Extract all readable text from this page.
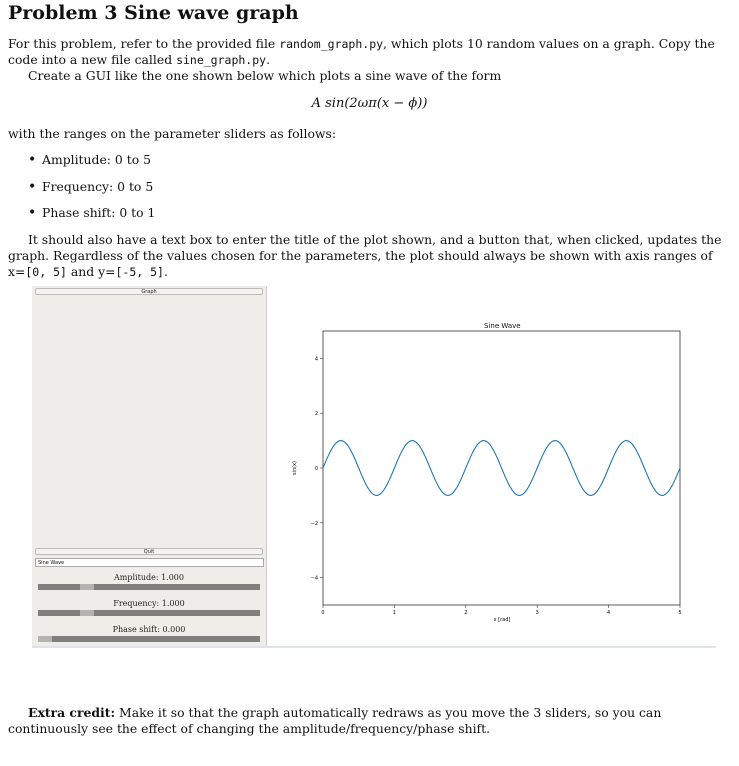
Problem 3 Sine wave graph

For this problem, refer to the provided file random_graph.py, which plots 10 random values on a graph. Copy the code into a new file called sine_graph.py.

Create a GUI like the one shown below which plots a sine wave of the form

A sin(2ωπ(x − ϕ))

with the ranges on the parameter sliders as follows:

• Amplitude: 0 to 5
• Frequency: 0 to 5
• Phase shift: 0 to 1

It should also have a text box to enter the title of the plot shown, and a button that, when clicked, updates the graph. Regardless of the values chosen for the parameters, the plot should always be shown with axis ranges of x=[0, 5] and y=[-5, 5].

Graph
Quit
Sine Wave
Amplitude: 1.000
Frequency: 1.000
Phase shift: 0.000
Sine Wave
0	1	2	3	4	5
−4
−2
0
2
4
x [rad]
sin(x)

Extra credit: Make it so that the graph automatically redraws as you move the 3 sliders, so you can continuously see the effect of changing the amplitude/frequency/phase shift.
